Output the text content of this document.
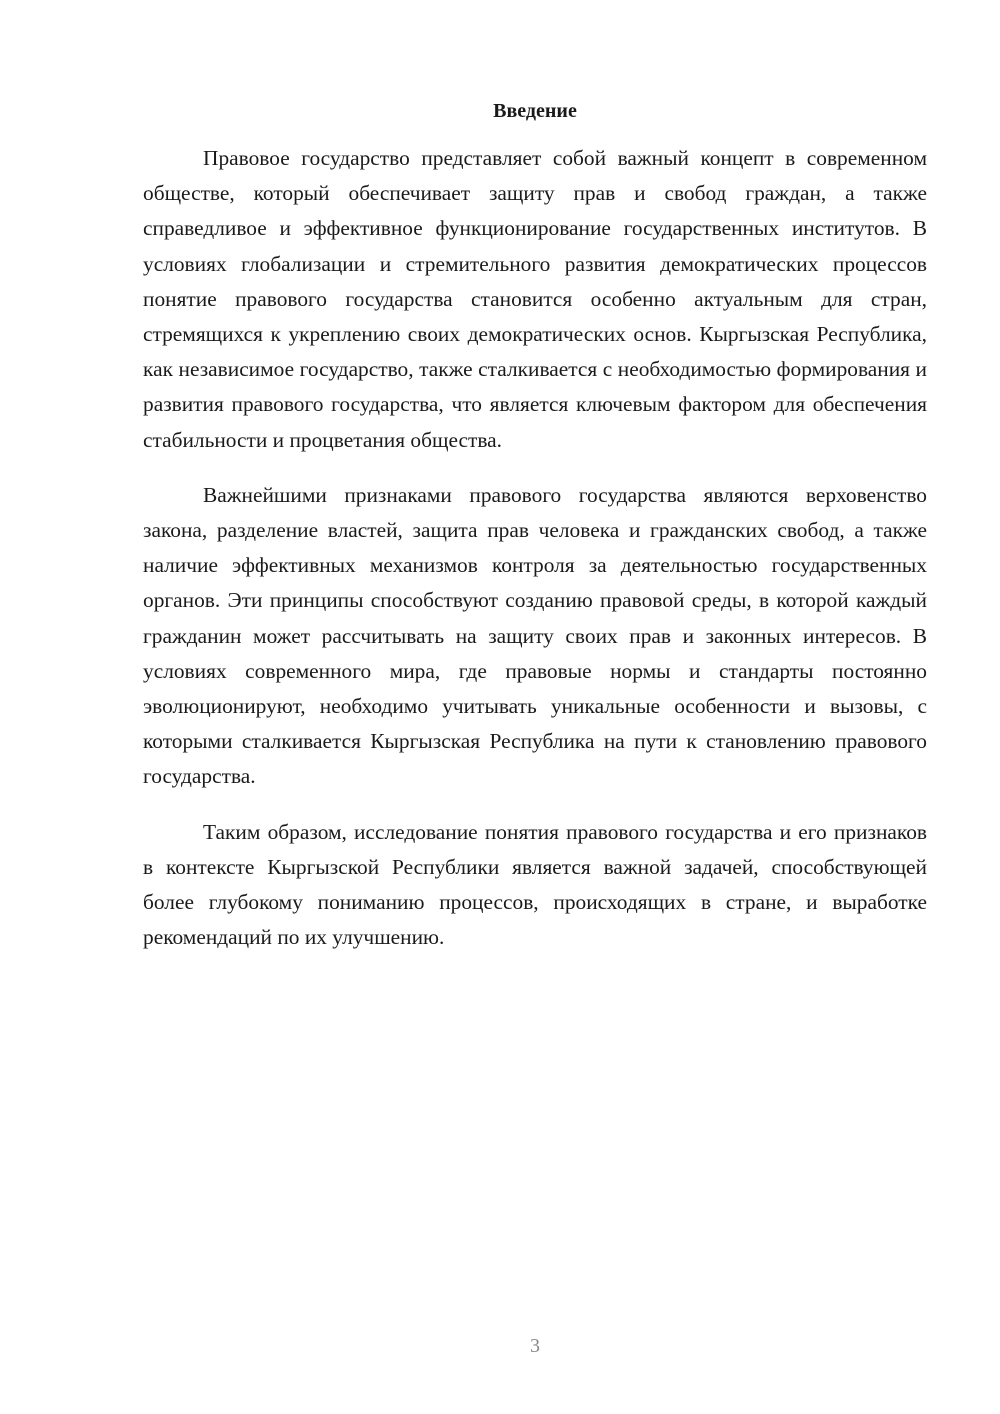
Введение

Правовое государство представляет собой важный концепт в современном обществе, который обеспечивает защиту прав и свобод граждан, а также справедливое и эффективное функционирование государственных институтов. В условиях глобализации и стремительного развития демократических процессов понятие правового государства становится особенно актуальным для стран, стремящихся к укреплению своих демократических основ. Кыргызская Республика, как независимое государство, также сталкивается с необходимостью формирования и развития правового государства, что является ключевым фактором для обеспечения стабильности и процветания общества.

Важнейшими признаками правового государства являются верховенство закона, разделение властей, защита прав человека и гражданских свобод, а также наличие эффективных механизмов контроля за деятельностью государственных органов. Эти принципы способствуют созданию правовой среды, в которой каждый гражданин может рассчитывать на защиту своих прав и законных интересов. В условиях современного мира, где правовые нормы и стандарты постоянно эволюционируют, необходимо учитывать уникальные особенности и вызовы, с которыми сталкивается Кыргызская Республика на пути к становлению правового государства.

Таким образом, исследование понятия правового государства и его признаков в контексте Кыргызской Республики является важной задачей, способствующей более глубокому пониманию процессов, происходящих в стране, и выработке рекомендаций по их улучшению.

3
